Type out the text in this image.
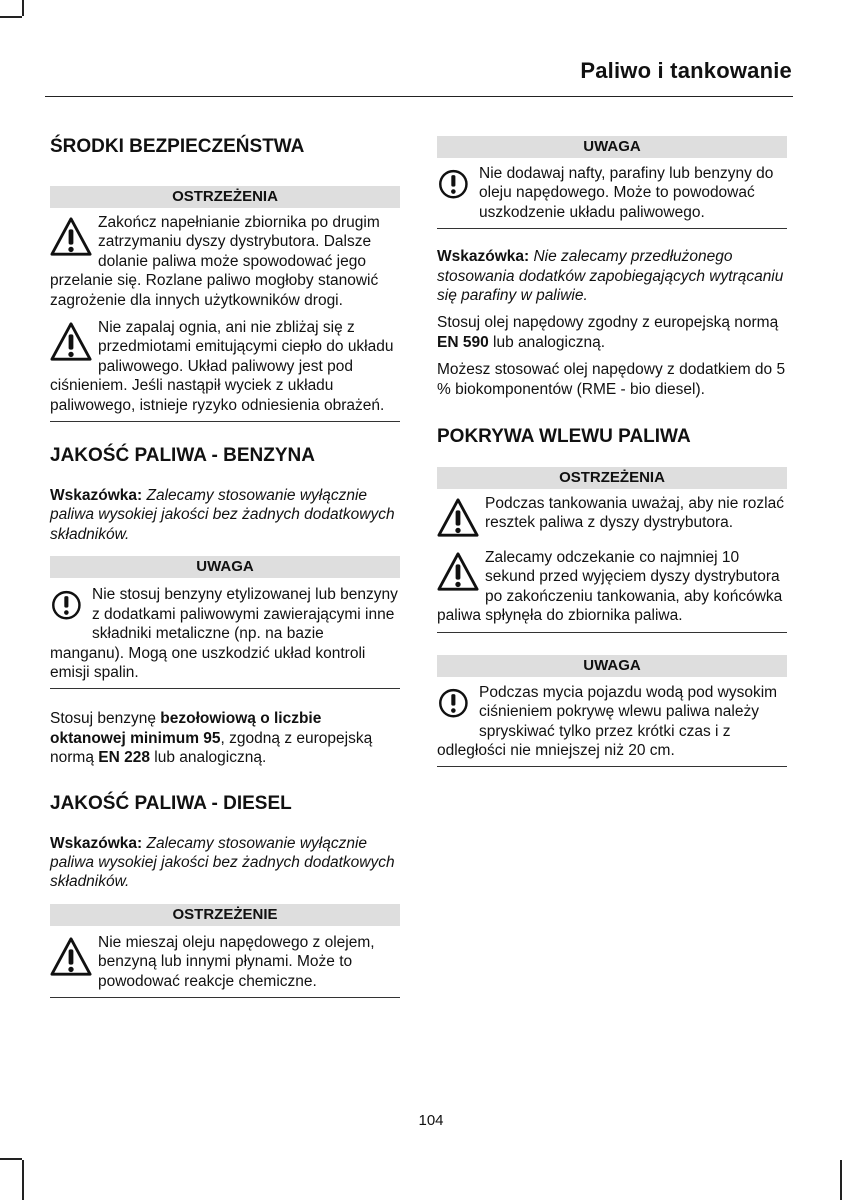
Paliwo i tankowanie
ŚRODKI BEZPIECZEŃSTWA
OSTRZEŻENIA

Zakończ napełnianie zbiornika po drugim zatrzymaniu dyszy dystrybutora. Dalsze dolanie paliwa może spowodować jego przelanie się. Rozlane paliwo mogłoby stanowić zagrożenie dla innych użytkowników drogi.

Nie zapalaj ognia, ani nie zbliżaj się z przedmiotami emitującymi ciepło do układu paliwowego. Układ paliwowy jest pod ciśnieniem. Jeśli nastąpił wyciek z układu paliwowego, istnieje ryzyko odniesienia obrażeń.

JAKOŚĆ PALIWA - BENZYNA

Wskazówka: Zalecamy stosowanie wyłącznie paliwa wysokiej jakości bez żadnych dodatkowych składników.

UWAGA

Nie stosuj benzyny etylizowanej lub benzyny z dodatkami paliwowymi zawierającymi inne składniki metaliczne (np. na bazie manganu). Mogą one uszkodzić układ kontroli emisji spalin.

Stosuj benzynę bezołowiową o liczbie oktanowej minimum 95, zgodną z europejską normą EN 228 lub analogiczną.

JAKOŚĆ PALIWA - DIESEL

Wskazówka: Zalecamy stosowanie wyłącznie paliwa wysokiej jakości bez żadnych dodatkowych składników.

OSTRZEŻENIE

Nie mieszaj oleju napędowego z olejem, benzyną lub innymi płynami. Może to powodować reakcje chemiczne.

UWAGA

Nie dodawaj nafty, parafiny lub benzyny do oleju napędowego. Może to powodować uszkodzenie układu paliwowego.

Wskazówka: Nie zalecamy przedłużonego stosowania dodatków zapobiegających wytrącaniu się parafiny w paliwie.

Stosuj olej napędowy zgodny z europejską normą EN 590 lub analogiczną.

Możesz stosować olej napędowy z dodatkiem do 5 % biokomponentów (RME - bio diesel).

POKRYWA WLEWU PALIWA
OSTRZEŻENIA

Podczas tankowania uważaj, aby nie rozlać resztek paliwa z dyszy dystrybutora.

Zalecamy odczekanie co najmniej 10 sekund przed wyjęciem dyszy dystrybutora po zakończeniu tankowania, aby końcówka paliwa spłynęła do zbiornika paliwa.

UWAGA

Podczas mycia pojazdu wodą pod wysokim ciśnieniem pokrywę wlewu paliwa należy spryskiwać tylko przez krótki czas i z odległości nie mniejszej niż 20 cm.

104
